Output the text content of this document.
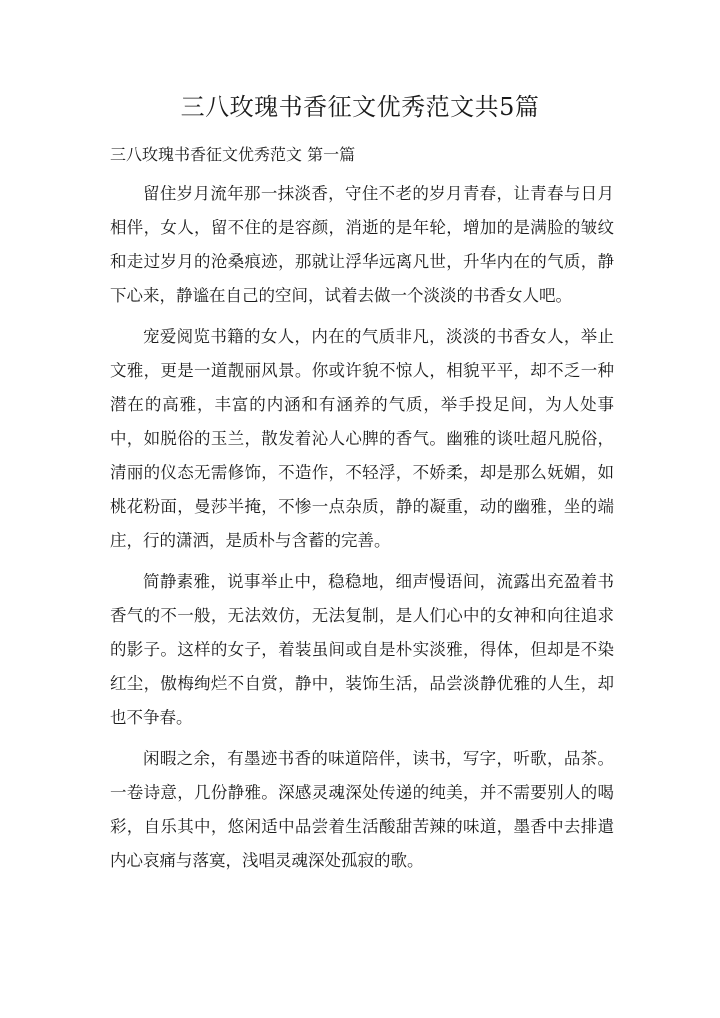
三八玫瑰书香征文优秀范文共5篇

三八玫瑰书香征文优秀范文 第一篇

留住岁月流年那一抹淡香，守住不老的岁月青春，让青春与日月相伴，女人，留不住的是容颜，消逝的是年轮，增加的是满脸的皱纹和走过岁月的沧桑痕迹，那就让浮华远离凡世，升华内在的气质，静下心来，静谧在自己的空间，试着去做一个淡淡的书香女人吧。

宠爱阅览书籍的女人，内在的气质非凡，淡淡的书香女人，举止文雅，更是一道靓丽风景。你或许貌不惊人，相貌平平，却不乏一种潜在的高雅，丰富的内涵和有涵养的气质，举手投足间，为人处事中，如脱俗的玉兰，散发着沁人心脾的香气。幽雅的谈吐超凡脱俗，清丽的仪态无需修饰，不造作，不轻浮，不娇柔，却是那么妩媚，如桃花粉面，曼莎半掩，不惨一点杂质，静的凝重，动的幽雅，坐的端庄，行的潇洒，是质朴与含蓄的完善。

简静素雅，说事举止中，稳稳地，细声慢语间，流露出充盈着书香气的不一般，无法效仿，无法复制，是人们心中的女神和向往追求的影子。这样的女子，着装虽间或自是朴实淡雅，得体，但却是不染红尘，傲梅绚烂不自赏，静中，装饰生活，品尝淡静优雅的人生，却也不争春。

闲暇之余，有墨迹书香的味道陪伴，读书，写字，听歌，品茶。一卷诗意，几份静雅。深感灵魂深处传递的纯美，并不需要别人的喝彩，自乐其中，悠闲适中品尝着生活酸甜苦辣的味道，墨香中去排遣内心哀痛与落寞，浅唱灵魂深处孤寂的歌。
